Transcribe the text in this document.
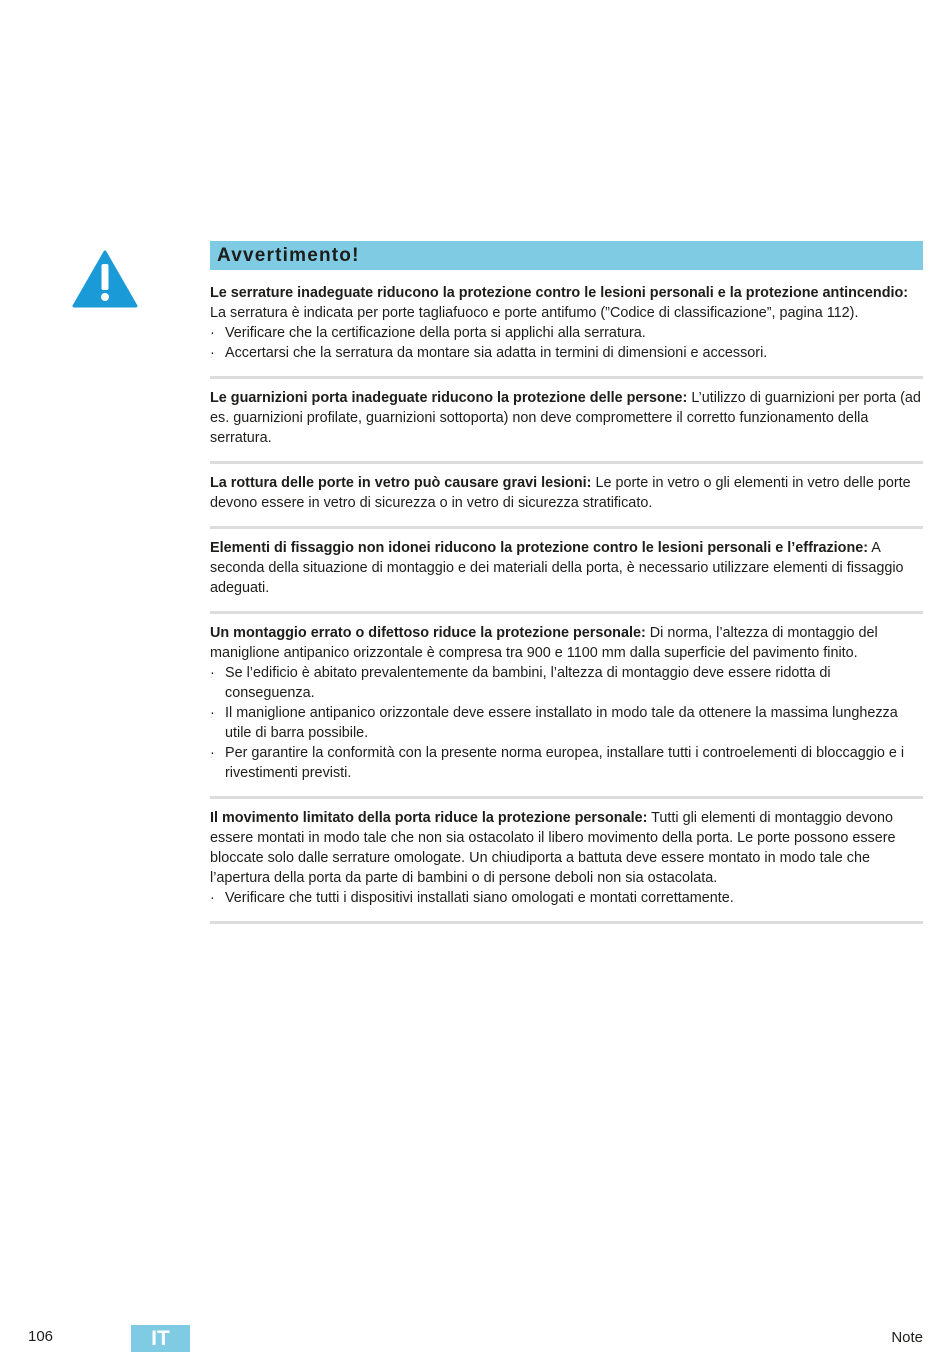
Avvertimento!

Le serrature inadeguate riducono la protezione contro le lesioni personali e la protezione antincendio: La serratura è indicata per porte tagliafuoco e porte antifumo (”Codice di classificazione”, pagina 112).

· Verificare che la certificazione della porta si applichi alla serratura.
· Accertarsi che la serratura da montare sia adatta in termini di dimensioni e accessori.

Le guarnizioni porta inadeguate riducono la protezione delle persone: L’utilizzo di guarnizioni per porta (ad es. guarnizioni profilate, guarnizioni sottoporta) non deve compromettere il corretto funzionamento della serratura.

La rottura delle porte in vetro può causare gravi lesioni: Le porte in vetro o gli elementi in vetro delle porte devono essere in vetro di sicurezza o in vetro di sicurezza stratificato.

Elementi di fissaggio non idonei riducono la protezione contro le lesioni personali e l’effrazione: A seconda della situazione di montaggio e dei materiali della porta, è necessario utilizzare elementi di fissaggio adeguati.

Un montaggio errato o difettoso riduce la protezione personale: Di norma, l’altezza di montaggio del maniglione antipanico orizzontale è compresa tra 900 e 1100 mm dalla superficie del pavimento finito.

· Se l’edificio è abitato prevalentemente da bambini, l’altezza di montaggio deve essere ridotta di conseguenza.
· Il maniglione antipanico orizzontale deve essere installato in modo tale da ottenere la massima lunghezza utile di barra possibile.
· Per garantire la conformità con la presente norma europea, installare tutti i controelementi di bloccaggio e i rivestimenti previsti.

Il movimento limitato della porta riduce la protezione personale: Tutti gli elementi di montaggio devono essere montati in modo tale che non sia ostacolato il libero movimento della porta. Le porte possono essere bloccate solo dalle serrature omologate. Un chiudiporta a battuta deve essere montato in modo tale che l’apertura della porta da parte di bambini o di persone deboli non sia ostacolata.

· Verificare che tutti i dispositivi installati siano omologati e montati correttamente.
106	IT	Note
